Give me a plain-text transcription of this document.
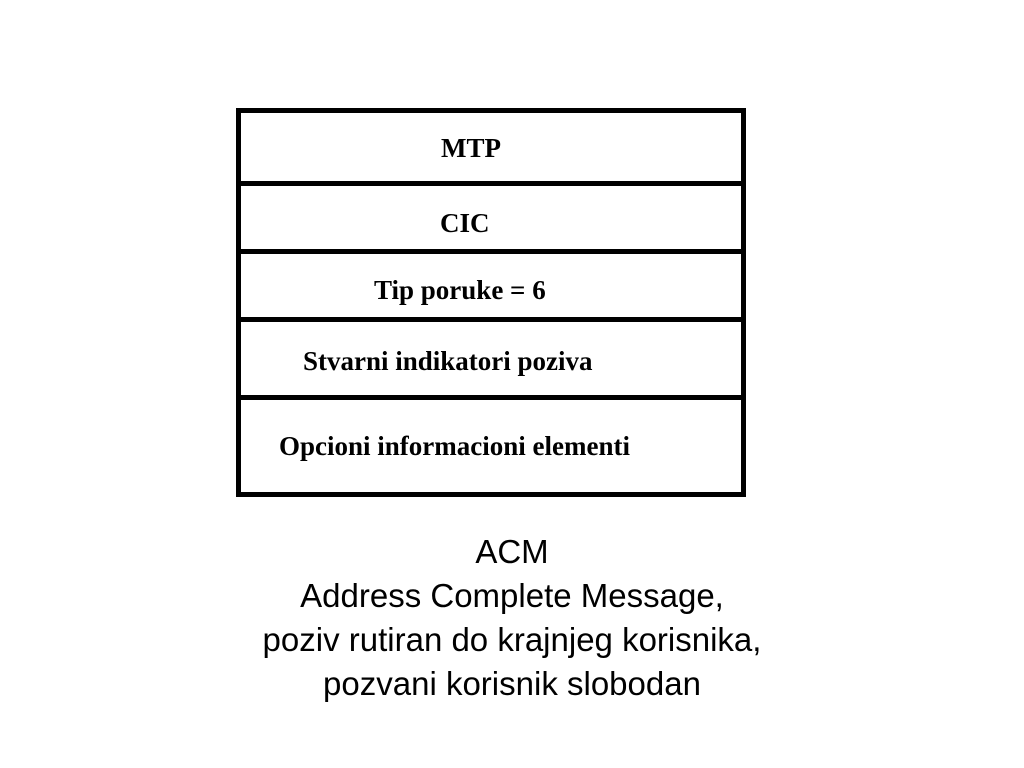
MTP
CIC
Tip poruke = 6
Stvarni indikatori poziva
Opcioni informacioni elementi
ACM
Address Complete Message,
poziv rutiran do krajnjeg korisnika,
pozvani korisnik slobodan
